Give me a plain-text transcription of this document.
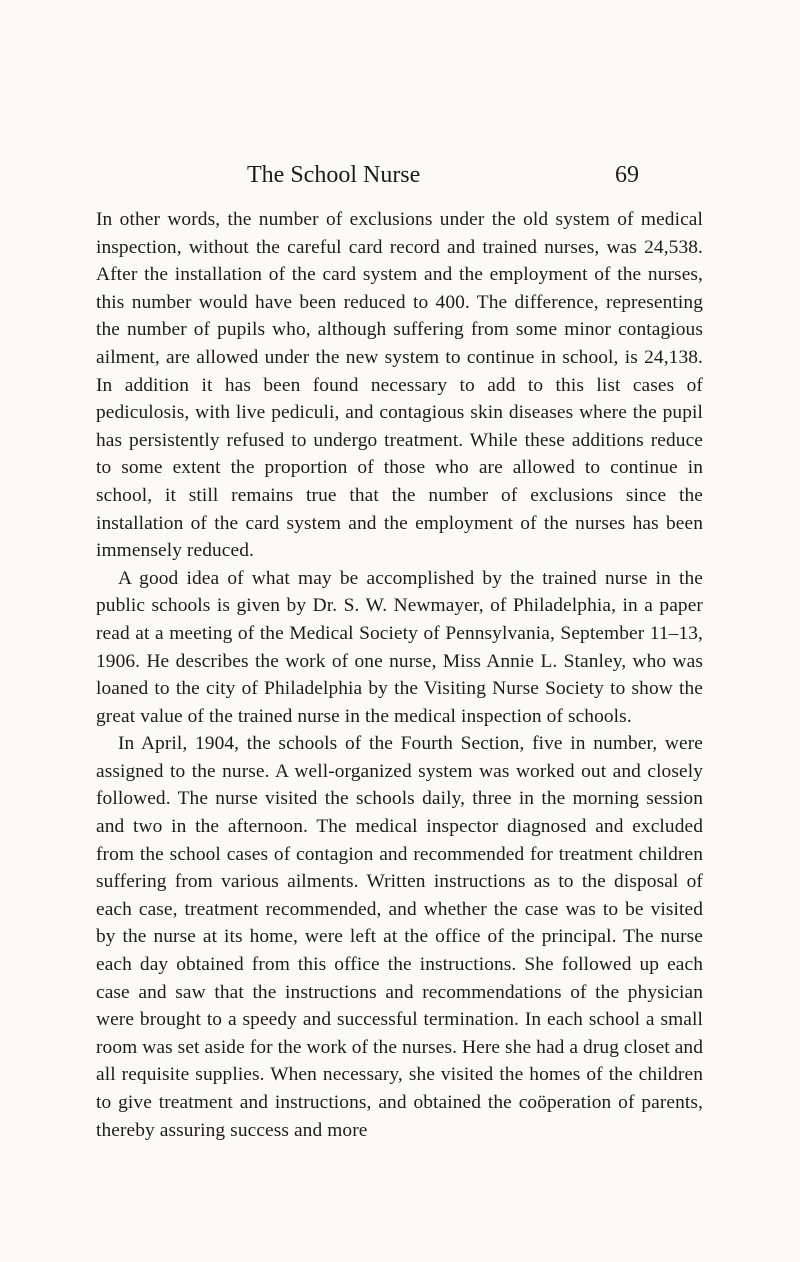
The School Nurse	69

In other words, the number of exclusions under the old system of medical inspection, without the careful card record and trained nurses, was 24,538. After the installation of the card system and the employment of the nurses, this number would have been reduced to 400. The difference, representing the number of pupils who, although suffering from some minor contagious ailment, are allowed under the new system to continue in school, is 24,138. In addition it has been found necessary to add to this list cases of pediculosis, with live pediculi, and contagious skin diseases where the pupil has persistently refused to undergo treatment. While these additions reduce to some extent the proportion of those who are allowed to continue in school, it still remains true that the number of exclusions since the installation of the card system and the employment of the nurses has been immensely reduced.

A good idea of what may be accomplished by the trained nurse in the public schools is given by Dr. S. W. Newmayer, of Philadelphia, in a paper read at a meeting of the Medical Society of Pennsylvania, September 11–13, 1906. He describes the work of one nurse, Miss Annie L. Stanley, who was loaned to the city of Philadelphia by the Visiting Nurse Society to show the great value of the trained nurse in the medical inspection of schools.

In April, 1904, the schools of the Fourth Section, five in number, were assigned to the nurse. A well-organized system was worked out and closely followed. The nurse visited the schools daily, three in the morning session and two in the afternoon. The medical inspector diagnosed and excluded from the school cases of contagion and recommended for treatment children suffering from various ailments. Written instructions as to the disposal of each case, treatment recommended, and whether the case was to be visited by the nurse at its home, were left at the office of the principal. The nurse each day obtained from this office the instructions. She followed up each case and saw that the instructions and recommendations of the physician were brought to a speedy and successful termination. In each school a small room was set aside for the work of the nurses. Here she had a drug closet and all requisite supplies. When necessary, she visited the homes of the children to give treatment and instructions, and obtained the coöperation of parents, thereby assuring success and more
